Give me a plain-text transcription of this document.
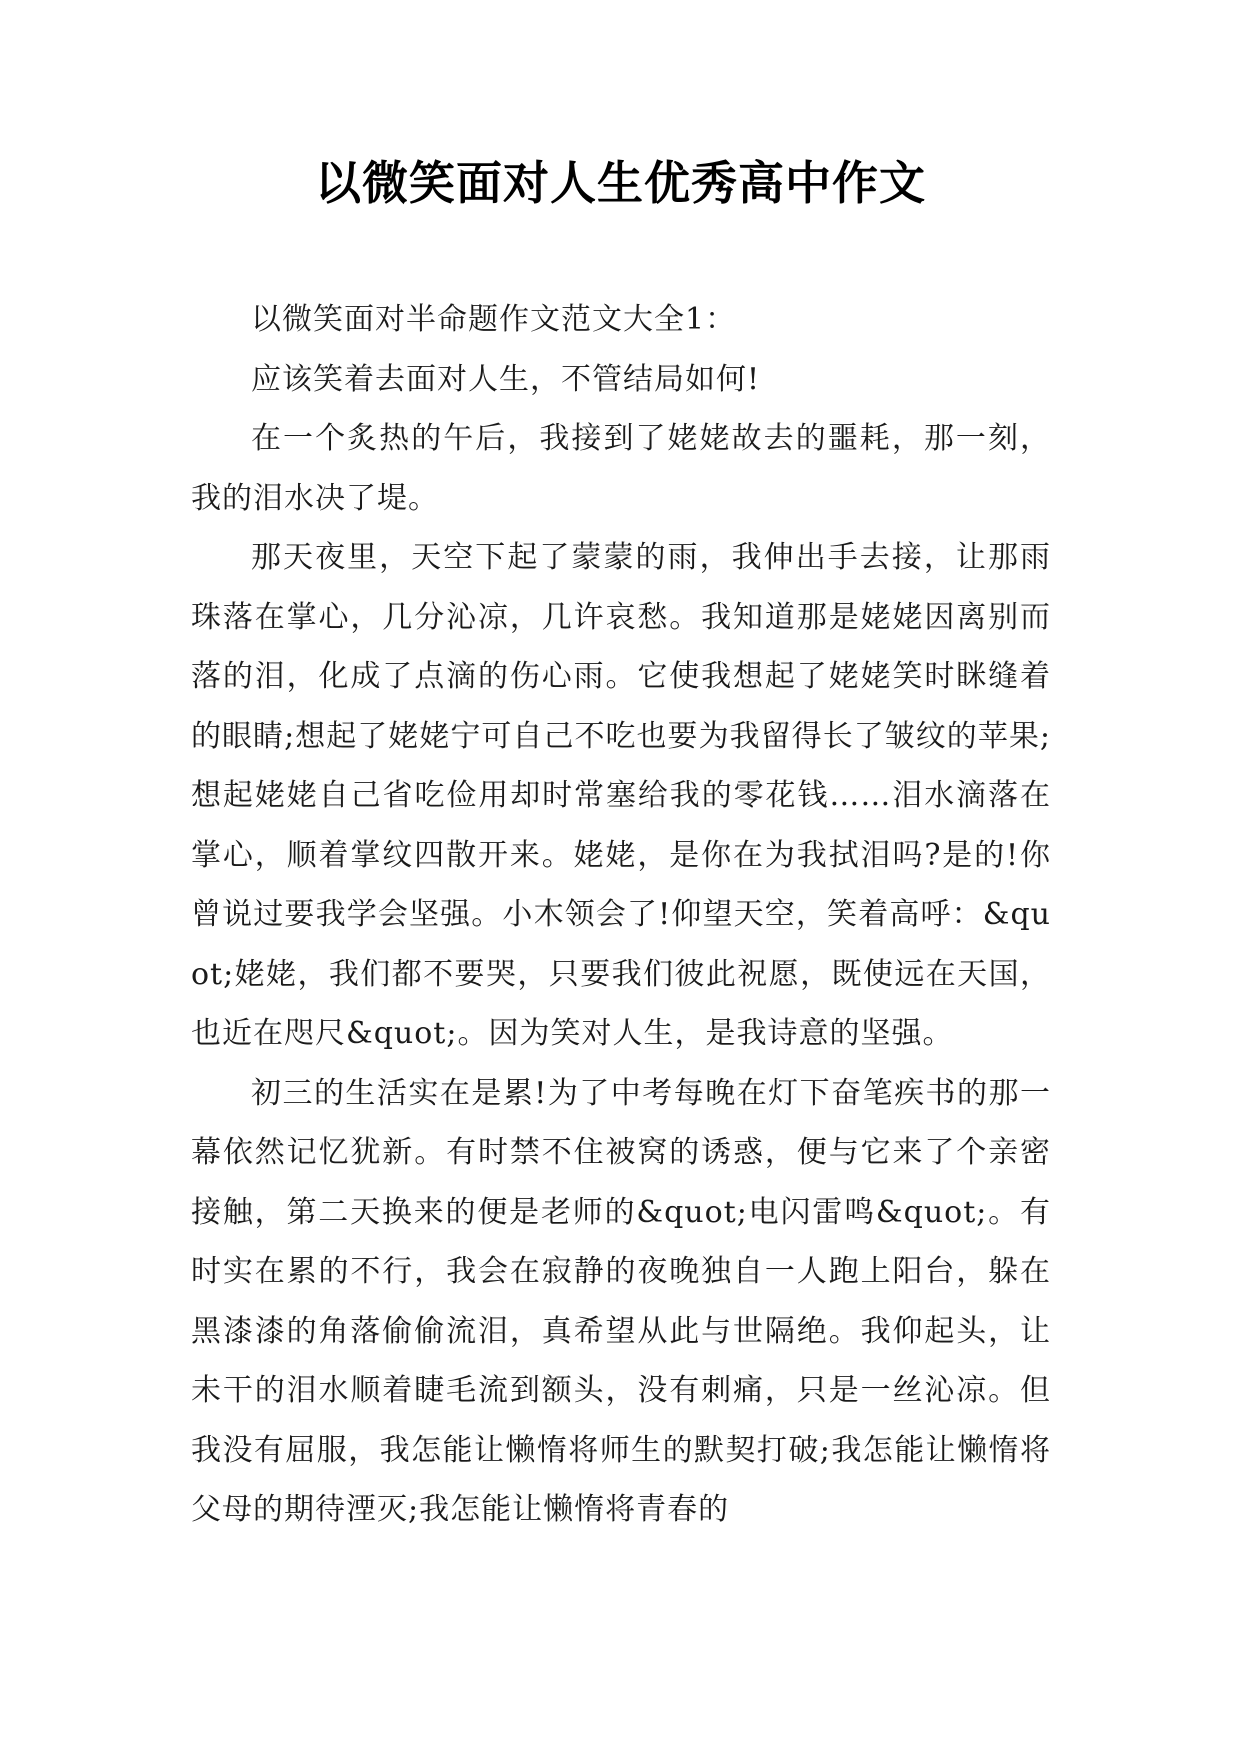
以微笑面对人生优秀高中作文

以微笑面对半命题作文范文大全1：

应该笑着去面对人生，不管结局如何!

在一个炙热的午后，我接到了姥姥故去的噩耗，那一刻，我的泪水决了堤。

那天夜里，天空下起了蒙蒙的雨，我伸出手去接，让那雨珠落在掌心，几分沁凉，几许哀愁。我知道那是姥姥因离别而落的泪，化成了点滴的伤心雨。它使我想起了姥姥笑时眯缝着的眼睛;想起了姥姥宁可自己不吃也要为我留得长了皱纹的苹果;想起姥姥自己省吃俭用却时常塞给我的零花钱……泪水滴落在掌心，顺着掌纹四散开来。姥姥，是你在为我拭泪吗?是的!你曾说过要我学会坚强。小木领会了!仰望天空，笑着高呼：&quot;姥姥，我们都不要哭，只要我们彼此祝愿，既使远在天国，也近在咫尺&quot;。因为笑对人生，是我诗意的坚强。

初三的生活实在是累!为了中考每晚在灯下奋笔疾书的那一幕依然记忆犹新。有时禁不住被窝的诱惑，便与它来了个亲密接触，第二天换来的便是老师的&quot;电闪雷鸣&quot;。有时实在累的不行，我会在寂静的夜晚独自一人跑上阳台，躲在黑漆漆的角落偷偷流泪，真希望从此与世隔绝。我仰起头，让未干的泪水顺着睫毛流到额头，没有刺痛，只是一丝沁凉。但我没有屈服，我怎能让懒惰将师生的默契打破;我怎能让懒惰将父母的期待湮灭;我怎能让懒惰将青春的
